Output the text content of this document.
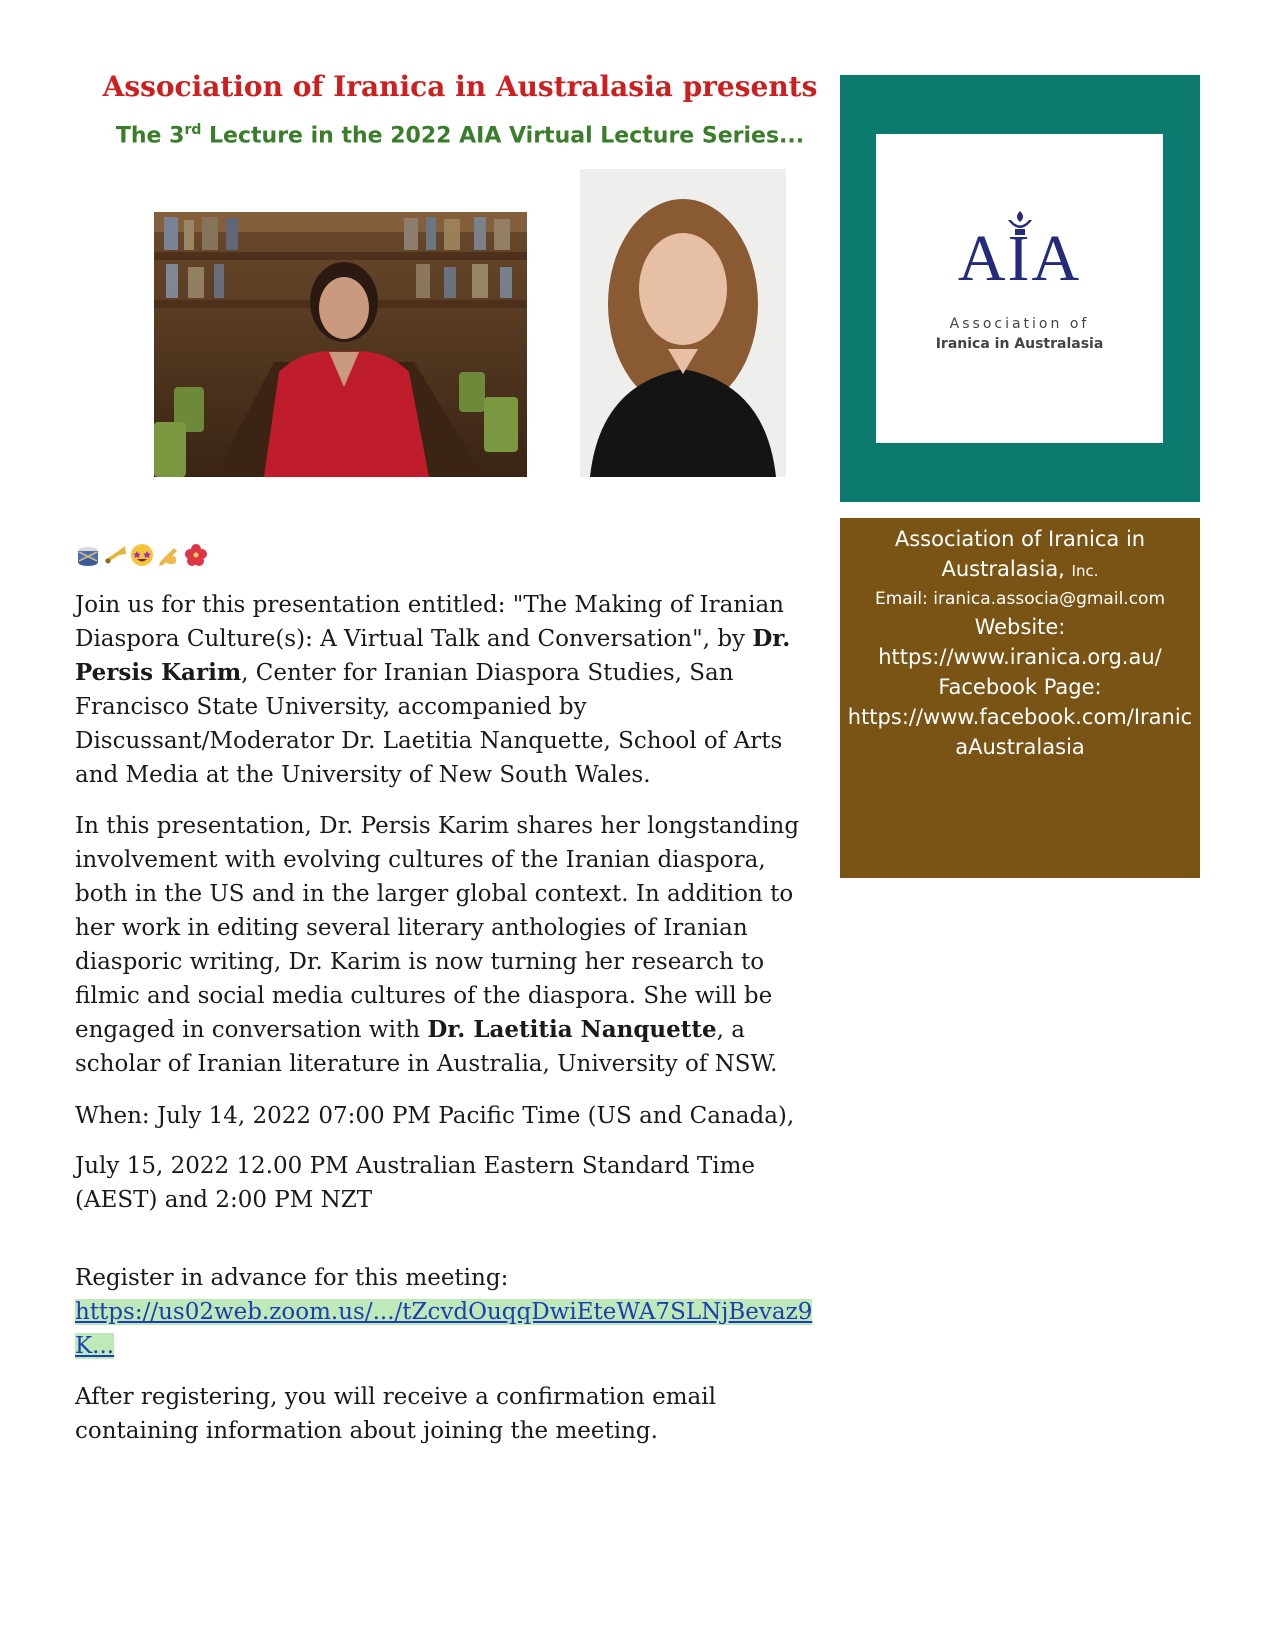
Association of Iranica in Australasia presents
The 3rd Lecture in the 2022 AIA Virtual Lecture Series...
AIA
Association of
Iranica in Australasia
Association of Iranica in
Australasia, Inc.
Email: iranica.associa@gmail.com
Website:
https://www.iranica.org.au/
Facebook Page:
https://www.facebook.com/IranicaAustralasia

Join us for this presentation entitled: "The Making of Iranian Diaspora Culture(s): A Virtual Talk and Conversation", by Dr. Persis Karim, Center for Iranian Diaspora Studies, San Francisco State University, accompanied by Discussant/Moderator Dr. Laetitia Nanquette, School of Arts and Media at the University of New South Wales.

In this presentation, Dr. Persis Karim shares her longstanding involvement with evolving cultures of the Iranian diaspora, both in the US and in the larger global context. In addition to her work in editing several literary anthologies of Iranian diasporic writing, Dr. Karim is now turning her research to filmic and social media cultures of the diaspora. She will be engaged in conversation with Dr. Laetitia Nanquette, a scholar of Iranian literature in Australia, University of NSW.

When: July 14, 2022 07:00 PM Pacific Time (US and Canada),

July 15, 2022 12.00 PM Australian Eastern Standard Time (AEST) and 2:00 PM NZT

Register in advance for this meeting:
https://us02web.zoom.us/.../tZcvdOuqqDwiEteWA7SLNjBevaz9K...

After registering, you will receive a confirmation email containing information about joining the meeting.
